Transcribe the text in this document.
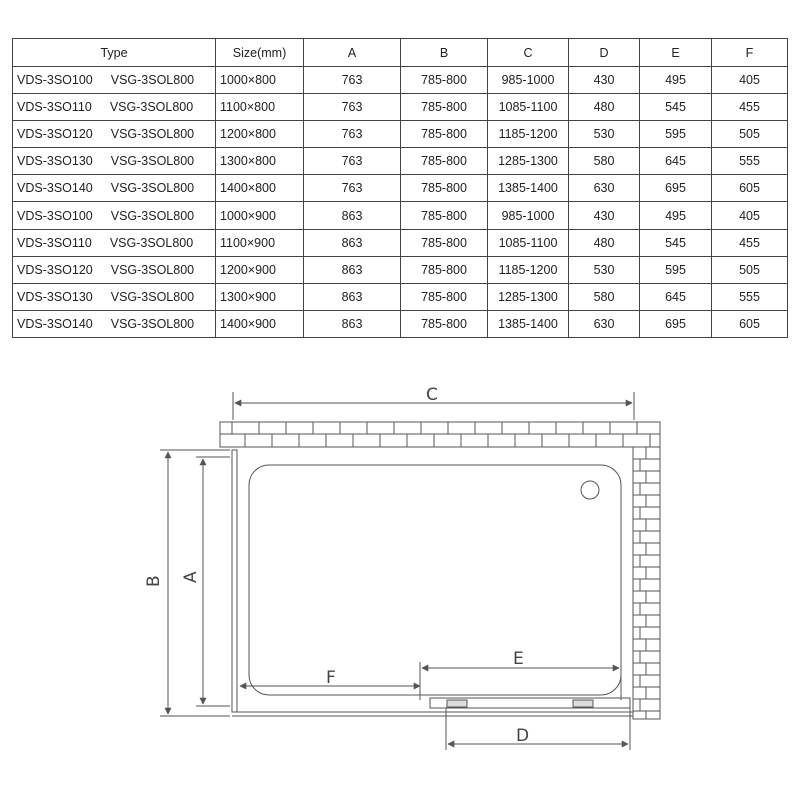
Type	Size(mm)	A	B	C	D	E	F
VDS-3SO100 VSG-3SOL800	1000×800	763	785-800	985-1000	430	495	405
VDS-3SO110 VSG-3SOL800	1100×800	763	785-800	1085-1100	480	545	455
VDS-3SO120 VSG-3SOL800	1200×800	763	785-800	1185-1200	530	595	505
VDS-3SO130 VSG-3SOL800	1300×800	763	785-800	1285-1300	580	645	555
VDS-3SO140 VSG-3SOL800	1400×800	763	785-800	1385-1400	630	695	605
VDS-3SO100 VSG-3SOL800	1000×900	863	785-800	985-1000	430	495	405
VDS-3SO110 VSG-3SOL800	1100×900	863	785-800	1085-1100	480	545	455
VDS-3SO120 VSG-3SOL800	1200×900	863	785-800	1185-1200	530	595	505
VDS-3SO130 VSG-3SOL800	1300×900	863	785-800	1285-1300	580	645	555
VDS-3SO140 VSG-3SOL800	1400×900	863	785-800	1385-1400	630	695	605
C
B A
F
E
D
